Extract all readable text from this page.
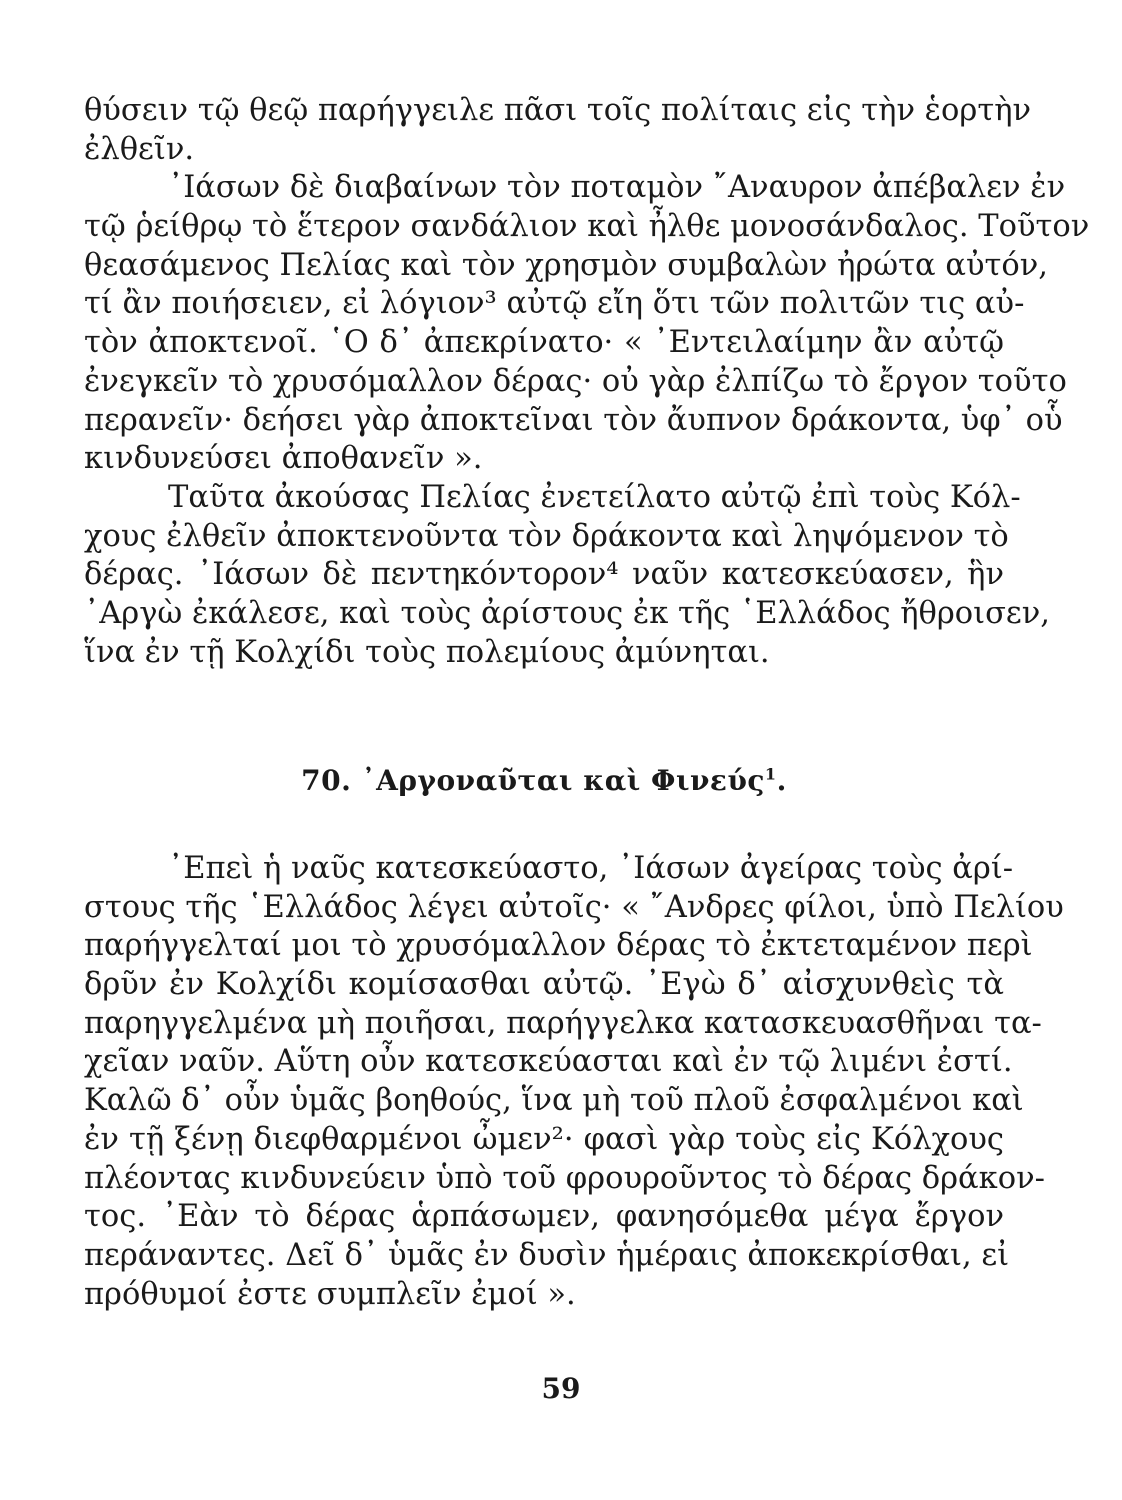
θύσειν τῷ θεῷ παρήγγειλε πᾶσι τοῖς πολίταις εἰς τὴν ἑορτὴν
ἐλθεῖν.
᾿Ιάσων δὲ διαβαίνων τὸν ποταμὸν ῎Αναυρον ἀπέβαλεν ἐν
τῷ ῥείθρῳ τὸ ἕτερον σανδάλιον καὶ ἦλθε μονοσάνδαλος. Τοῦτον
θεασάμενος Πελίας καὶ τὸν χρησμὸν συμβαλὼν ἠρώτα αὐτόν,
τί ἂν ποιήσειεν, εἰ λόγιον³ αὐτῷ εἴη ὅτι τῶν πολιτῶν τις αὐ-
τὸν ἀποκτενοῖ. ῾Ο δ᾿ ἀπεκρίνατο· « ᾿Εντειλαίμην ἂν αὐτῷ
ἐνεγκεῖν τὸ χρυσόμαλλον δέρας· οὐ γὰρ ἐλπίζω τὸ ἔργον τοῦτο
περανεῖν· δεήσει γὰρ ἀποκτεῖναι τὸν ἄυπνον δράκοντα, ὑφ᾿ οὗ
κινδυνεύσει ἀποθανεῖν ».
Ταῦτα ἀκούσας Πελίας ἐνετείλατο αὐτῷ ἐπὶ τοὺς Κόλ-
χους ἐλθεῖν ἀποκτενοῦντα τὸν δράκοντα καὶ ληψόμενον τὸ
δέρας. ᾿Ιάσων δὲ πεντηκόντορον⁴ ναῦν κατεσκεύασεν, ἣν
᾿Αργὼ ἐκάλεσε, καὶ τοὺς ἀρίστους ἐκ τῆς ῾Ελλάδος ἤθροισεν,
ἵνα ἐν τῇ Κολχίδι τοὺς πολεμίους ἀμύνηται.
70. ᾿Αργοναῦται καὶ Φινεύς$^1$.
᾿Επεὶ ἡ ναῦς κατεσκεύαστο, ᾿Ιάσων ἀγείρας τοὺς ἀρί-
στους τῆς ῾Ελλάδος λέγει αὐτοῖς· « ῎Ανδρες φίλοι, ὑπὸ Πελίου
παρήγγελταί μοι τὸ χρυσόμαλλον δέρας τὸ ἐκτεταμένον περὶ
δρῦν ἐν Κολχίδι κομίσασθαι αὐτῷ. ᾿Εγὼ δ᾿ αἰσχυνθεὶς τὰ
παρηγγελμένα μὴ ποιῆσαι, παρήγγελκα κατασκευασθῆναι τα-
χεῖαν ναῦν. Αὕτη οὖν κατεσκεύασται καὶ ἐν τῷ λιμένι ἐστί.
Καλῶ δ᾿ οὖν ὑμᾶς βοηθούς, ἵνα μὴ τοῦ πλοῦ ἐσφαλμένοι καὶ
ἐν τῇ ξένῃ διεφθαρμένοι ὦμεν²· φασὶ γὰρ τοὺς εἰς Κόλχους
πλέοντας κινδυνεύειν ὑπὸ τοῦ φρουροῦντος τὸ δέρας δράκον-
τος. ᾿Εὰν τὸ δέρας ἁρπάσωμεν, φανησόμεθα μέγα ἔργον
περάναντες. Δεῖ δ᾿ ὑμᾶς ἐν δυσὶν ἡμέραις ἀποκεκρίσθαι, εἰ
πρόθυμοί ἐστε συμπλεῖν ἐμοί ».
59
